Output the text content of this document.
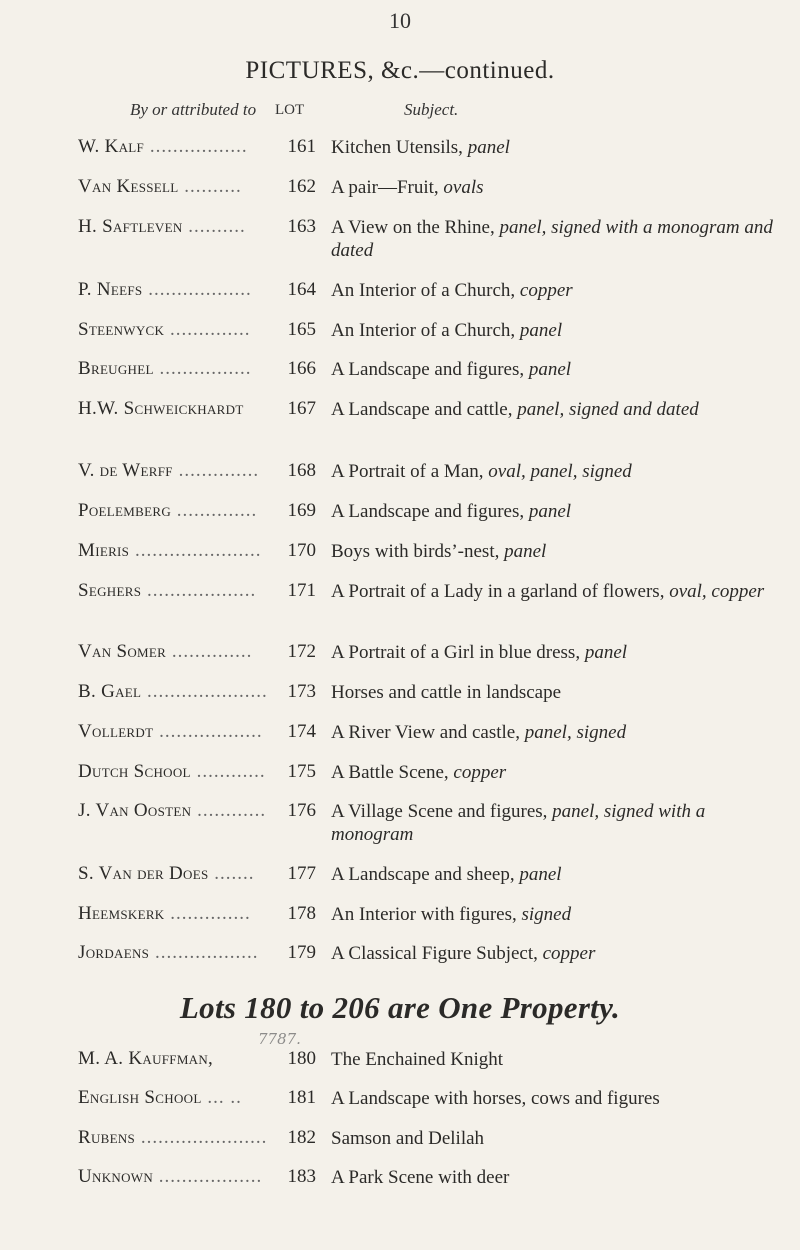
10
PICTURES, &c.—continued.
By or attributed to LOT	Subject.
W. Kalf .................	161 Kitchen Utensils, panel
Van Kessell ..........	162 A pair—Fruit, ovals
H. Saftleven ..........	163 A View on the Rhine, panel, signed with a monogram and dated
P. Neefs ..................	164 An Interior of a Church, copper
Steenwyck ..............	165 An Interior of a Church, panel
Breughel ................	166 A Landscape and figures, panel
H.W. Schweickhardt	167 A Landscape and cattle, panel, signed and dated
V. de Werff ..............	168 A Portrait of a Man, oval, panel, signed
Poelemberg ..............	169 A Landscape and figures, panel
Mieris ......................	170 Boys with birds’-nest, panel
Seghers ...................	171 A Portrait of a Lady in a garland of flowers, oval, copper
Van Somer ..............	172 A Portrait of a Girl in blue dress, panel
B. Gael .....................	173 Horses and cattle in landscape
Vollerdt ..................	174 A River View and castle, panel, signed
Dutch School ............	175 A Battle Scene, copper
J. Van Oosten ............	176 A Village Scene and figures, panel, signed with a monogram
S. Van der Does .......	177 A Landscape and sheep, panel
Heemskerk ..............	178 An Interior with figures, signed
Jordaens ..................	179 A Classical Figure Subject, copper
Lots 180 to 206 are One Property.
M. A. Kauffman,	180 The Enchained Knight
English School ... ..	181 A Landscape with horses, cows and figures
Rubens ......................	182 Samson and Delilah
Unknown ..................	183 A Park Scene with deer
7787.
